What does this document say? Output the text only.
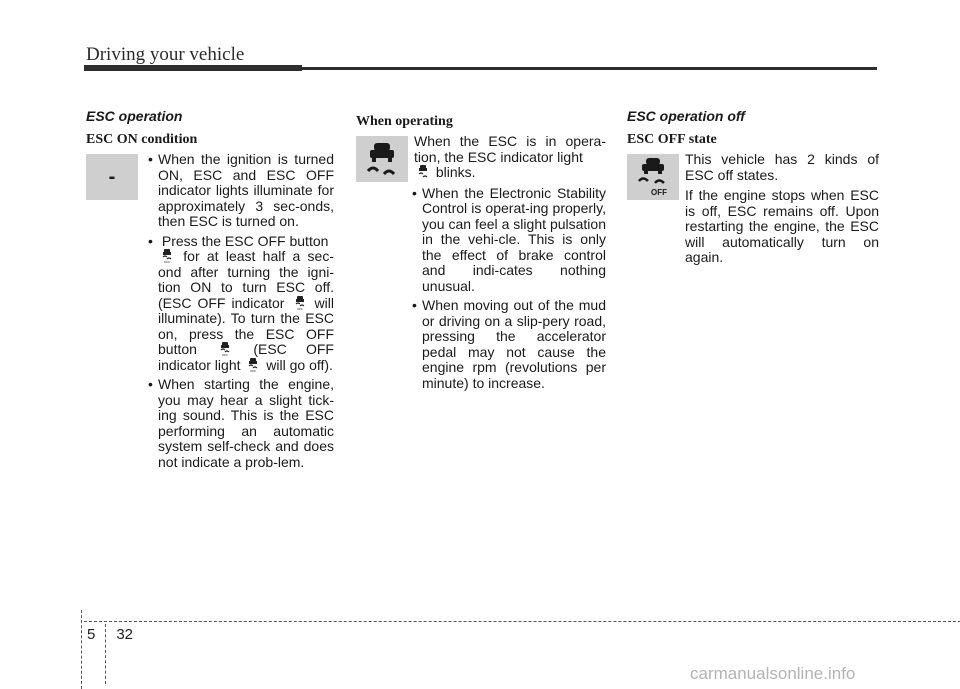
Driving your vehicle
ESC operation
ESC ON condition
-
• When the ignition is turned ON, ESC and ESC OFF indicator lights illuminate for approximately 3 sec-onds, then ESC is turned on.
• Press the ESC OFF button

OFF for at least half a sec-ond after turning the igni-tion ON to turn ESC off. (ESC OFF indicator	OFF will illuminate). To turn the ESC on, press the ESC OFF button	OFF (ESC OFF indicator light	OFF will go off).
• When starting the engine, you may hear a slight tick-ing sound. This is the ESC performing an automatic system self-check and does not indicate a prob-lem.
When operating

When the ESC is in opera-tion, the ESC indicator light
blinks.

• When the Electronic Stability Control is operat-ing properly, you can feel a slight pulsation in the vehi-cle. This is only the effect of brake control and indi-cates nothing unusual.
• When moving out of the mud or driving on a slip-pery road, pressing the accelerator pedal may not cause the engine rpm (revolutions per minute) to increase.
ESC operation off
ESC OFF state
OFF

This vehicle has 2 kinds of ESC off states.

If the engine stops when ESC is off, ESC remains off. Upon restarting the engine, the ESC will automatically turn on again.

5 32
carmanualsonline.info
